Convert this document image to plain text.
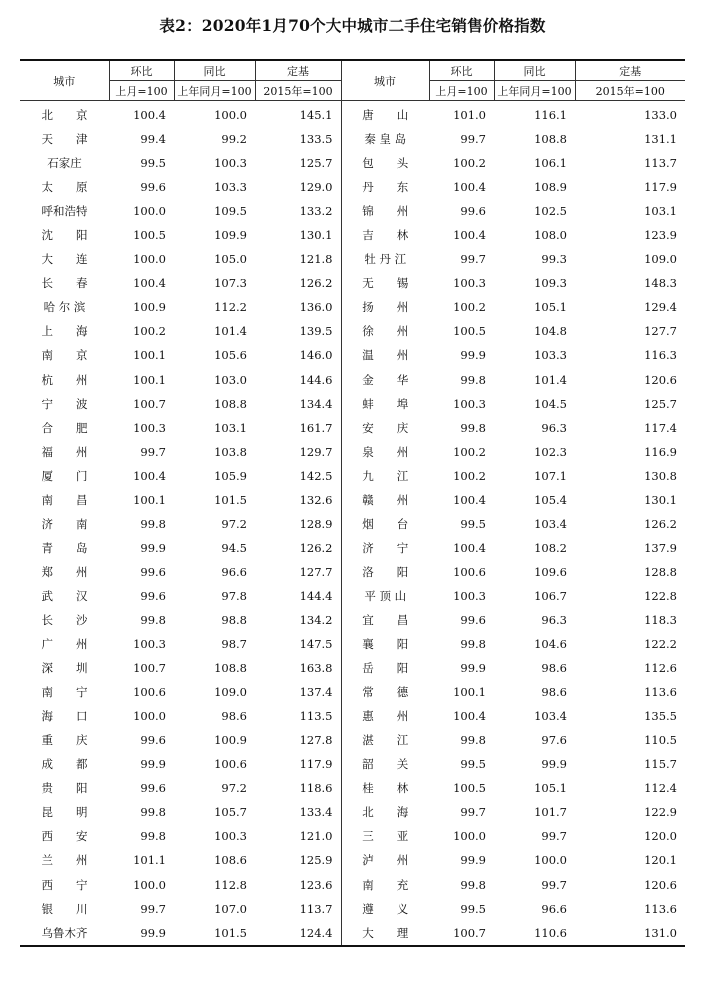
表2：2020年1月70个大中城市二手住宅销售价格指数
城市	环比	同比	定基	城市	环比	同比	定基
	上月=100	上年同月=100	2015年=100		上月=100	上年同月=100	2015年=100
北　　京	100.4	100.0	145.1	唐　　山	101.0	116.1	133.0
天　　津	99.4	99.2	133.5	秦 皇 岛	99.7	108.8	131.1
石家庄	99.5	100.3	125.7	包　　头	100.2	106.1	113.7
太　　原	99.6	103.3	129.0	丹　　东	100.4	108.9	117.9
呼和浩特	100.0	109.5	133.2	锦　　州	99.6	102.5	103.1
沈　　阳	100.5	109.9	130.1	吉　　林	100.4	108.0	123.9
大　　连	100.0	105.0	121.8	牡 丹 江	99.7	99.3	109.0
长　　春	100.4	107.3	126.2	无　　锡	100.3	109.3	148.3
哈 尔 滨	100.9	112.2	136.0	扬　　州	100.2	105.1	129.4
上　　海	100.2	101.4	139.5	徐　　州	100.5	104.8	127.7
南　　京	100.1	105.6	146.0	温　　州	99.9	103.3	116.3
杭　　州	100.1	103.0	144.6	金　　华	99.8	101.4	120.6
宁　　波	100.7	108.8	134.4	蚌　　埠	100.3	104.5	125.7
合　　肥	100.3	103.1	161.7	安　　庆	99.8	96.3	117.4
福　　州	99.7	103.8	129.7	泉　　州	100.2	102.3	116.9
厦　　门	100.4	105.9	142.5	九　　江	100.2	107.1	130.8
南　　昌	100.1	101.5	132.6	赣　　州	100.4	105.4	130.1
济　　南	99.8	97.2	128.9	烟　　台	99.5	103.4	126.2
青　　岛	99.9	94.5	126.2	济　　宁	100.4	108.2	137.9
郑　　州	99.6	96.6	127.7	洛　　阳	100.6	109.6	128.8
武　　汉	99.6	97.8	144.4	平 顶 山	100.3	106.7	122.8
长　　沙	99.8	98.8	134.2	宜　　昌	99.6	96.3	118.3
广　　州	100.3	98.7	147.5	襄　　阳	99.8	104.6	122.2
深　　圳	100.7	108.8	163.8	岳　　阳	99.9	98.6	112.6
南　　宁	100.6	109.0	137.4	常　　德	100.1	98.6	113.6
海　　口	100.0	98.6	113.5	惠　　州	100.4	103.4	135.5
重　　庆	99.6	100.9	127.8	湛　　江	99.8	97.6	110.5
成　　都	99.9	100.6	117.9	韶　　关	99.5	99.9	115.7
贵　　阳	99.6	97.2	118.6	桂　　林	100.5	105.1	112.4
昆　　明	99.8	105.7	133.4	北　　海	99.7	101.7	122.9
西　　安	99.8	100.3	121.0	三　　亚	100.0	99.7	120.0
兰　　州	101.1	108.6	125.9	泸　　州	99.9	100.0	120.1
西　　宁	100.0	112.8	123.6	南　　充	99.8	99.7	120.6
银　　川	99.7	107.0	113.7	遵　　义	99.5	96.6	113.6
乌鲁木齐	99.9	101.5	124.4	大　　理	100.7	110.6	131.0
